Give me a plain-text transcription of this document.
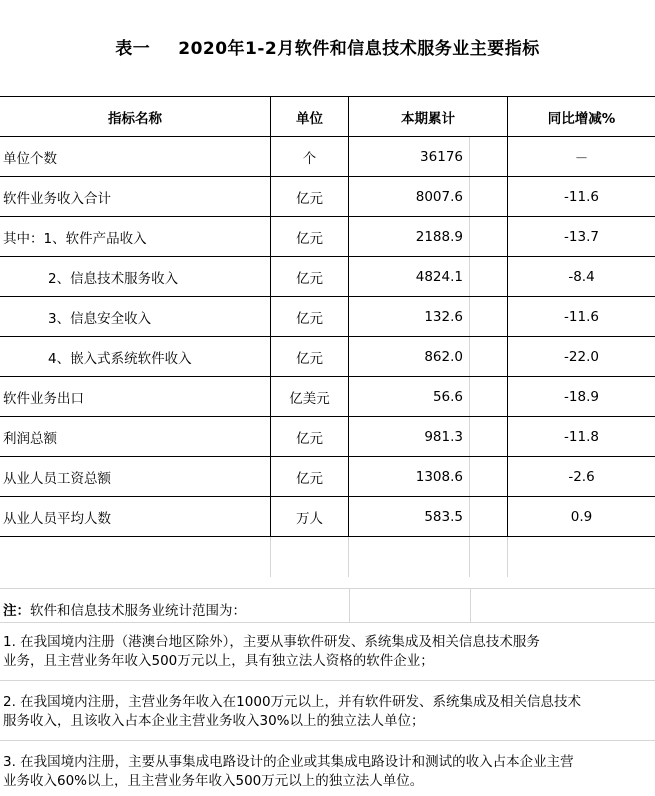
表一 2020年1-2月软件和信息技术服务业主要指标
指标名称	单位	本期累计	同比增减%
单位个数	个	36176	－
软件业务收入合计	亿元	8007.6	-11.6
其中：1、软件产品收入	亿元	2188.9	-13.7
2、信息技术服务收入	亿元	4824.1	-8.4
3、信息安全收入	亿元	132.6	-11.6
4、嵌入式系统软件收入	亿元	862.0	-22.0
软件业务出口	亿美元	56.6	-18.9
利润总额	亿元	981.3	-11.8
从业人员工资总额	亿元	1308.6	-2.6
从业人员平均人数	万人	583.5	0.9
注：软件和信息技术服务业统计范围为：
1. 在我国境内注册（港澳台地区除外），主要从事软件研发、系统集成及相关信息技术服务
业务，且主营业务年收入500万元以上，具有独立法人资格的软件企业；
2. 在我国境内注册，主营业务年收入在1000万元以上，并有软件研发、系统集成及相关信息技术
服务收入，且该收入占本企业主营业务收入30%以上的独立法人单位；
3. 在我国境内注册，主要从事集成电路设计的企业或其集成电路设计和测试的收入占本企业主营
业务收入60%以上，且主营业务年收入500万元以上的独立法人单位。
